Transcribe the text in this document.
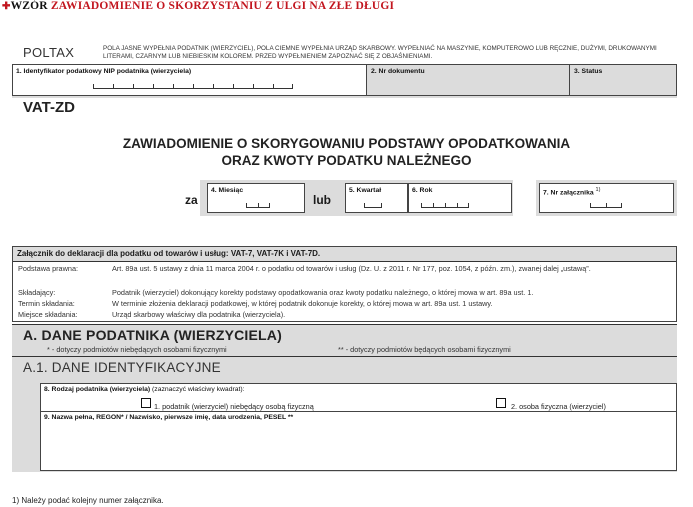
✚WZÓR ZAWIADOMIENIE O SKORZYSTANIU Z ULGI NA ZŁE DŁUGI
POLTAX	POLA JASNE WYPEŁNIA PODATNIK (WIERZYCIEL), POLA CIEMNE WYPEŁNIA URZĄD SKARBOWY. WYPEŁNIAĆ NA MASZYNIE, KOMPUTEROWO LUB RĘCZNIE, DUŻYMI, DRUKOWANYMI LITERAMI, CZARNYM LUB NIEBIESKIM KOLOREM. PRZED WYPEŁNIENIEM ZAPOZNAĆ SIĘ Z OBJAŚNIENIAMI.
1. Identyfikator podatkowy NIP podatnika (wierzyciela)	2. Nr dokumentu	3. Status
VAT-ZD
ZAWIADOMIENIE O SKORYGOWANIU PODSTAWY OPODATKOWANIA
ORAZ KWOTY PODATKU NALEŻNEGO
za
4. Miesiąc
lub
5. Kwartał	6. Rok	7. Nr załącznika $^{1)}$
Załącznik do deklaracji dla podatku od towarów i usług: VAT-7, VAT-7K i VAT-7D.
Podstawa prawna:	Art. 89a ust. 5 ustawy z dnia 11 marca 2004 r. o podatku od towarów i usług (Dz. U. z 2011 r. Nr 177, poz. 1054, z późn. zm.), zwanej dalej „ustawą”.
Składający:	Podatnik (wierzyciel) dokonujący korekty podstawy opodatkowania oraz kwoty podatku należnego, o której mowa w art. 89a ust. 1.
Termin składania:	W terminie złożenia deklaracji podatkowej, w której podatnik dokonuje korekty, o której mowa w art. 89a ust. 1 ustawy.
Miejsce składania:	Urząd skarbowy właściwy dla podatnika (wierzyciela).
A. DANE PODATNIKA (WIERZYCIELA)
* - dotyczy podmiotów niebędących osobami fizycznymi	** - dotyczy podmiotów będących osobami fizycznymi
A.1. DANE IDENTYFIKACYJNE
8. Rodzaj podatnika (wierzyciela) (zaznaczyć właściwy kwadrat):
1. podatnik (wierzyciel) niebędący osobą fizyczną	2. osoba fizyczna (wierzyciel)
9. Nazwa pełna, REGON* / Nazwisko, pierwsze imię, data urodzenia, PESEL **
1) Należy podać kolejny numer załącznika.
